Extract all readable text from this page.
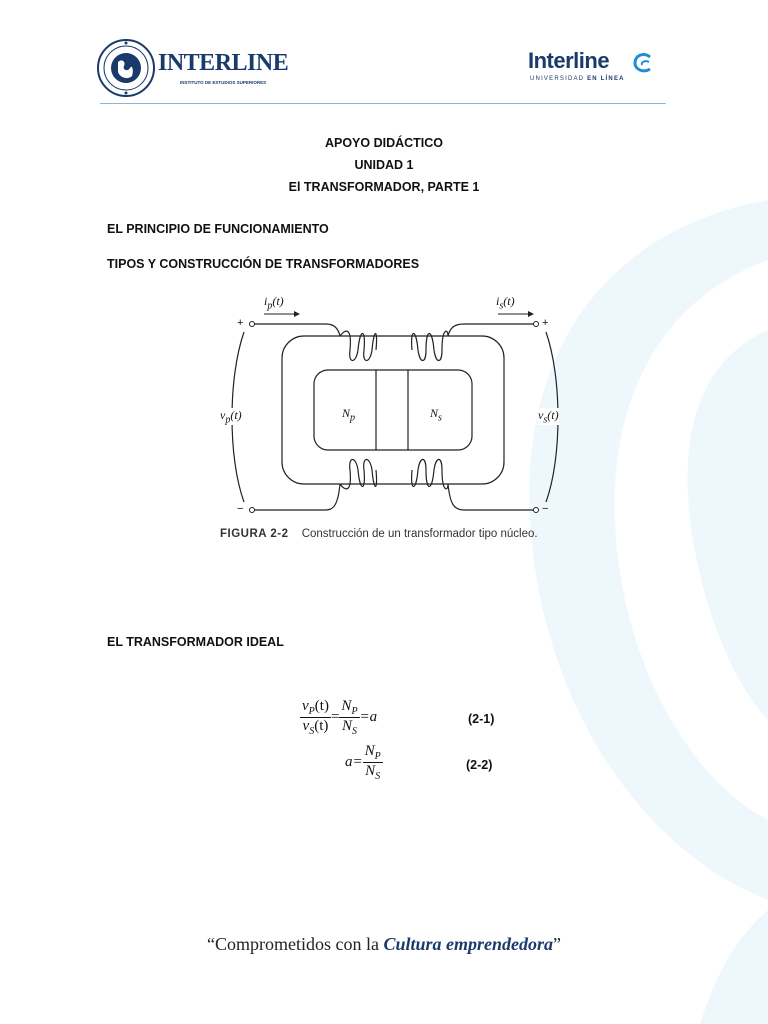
INTERLINE
INSTITUTO DE ESTUDIOS SUPERIORES
Interline
UNIVERSIDAD EN LÍNEA
APOYO DIDÁCTICO
UNIDAD 1
El TRANSFORMADOR, PARTE 1
EL PRINCIPIO DE FUNCIONAMIENTO
TIPOS Y CONSTRUCCIÓN DE TRANSFORMADORES
$i_p(t)$	$i_s(t)$
+	+
−	−
$v_p(t)$	$v_s(t)$
$N_p$	$N_s$
FIGURA 2-2 Construcción de un transformador tipo núcleo.
EL TRANSFORMADOR IDEAL
$\frac{v_P(t)}{v_S(t)} = \frac{N_P}{N_S} =a$	(2-1)
$a= \frac{N_P}{N_S}$	(2-2)
“Comprometidos con la Cultura emprendedora”
